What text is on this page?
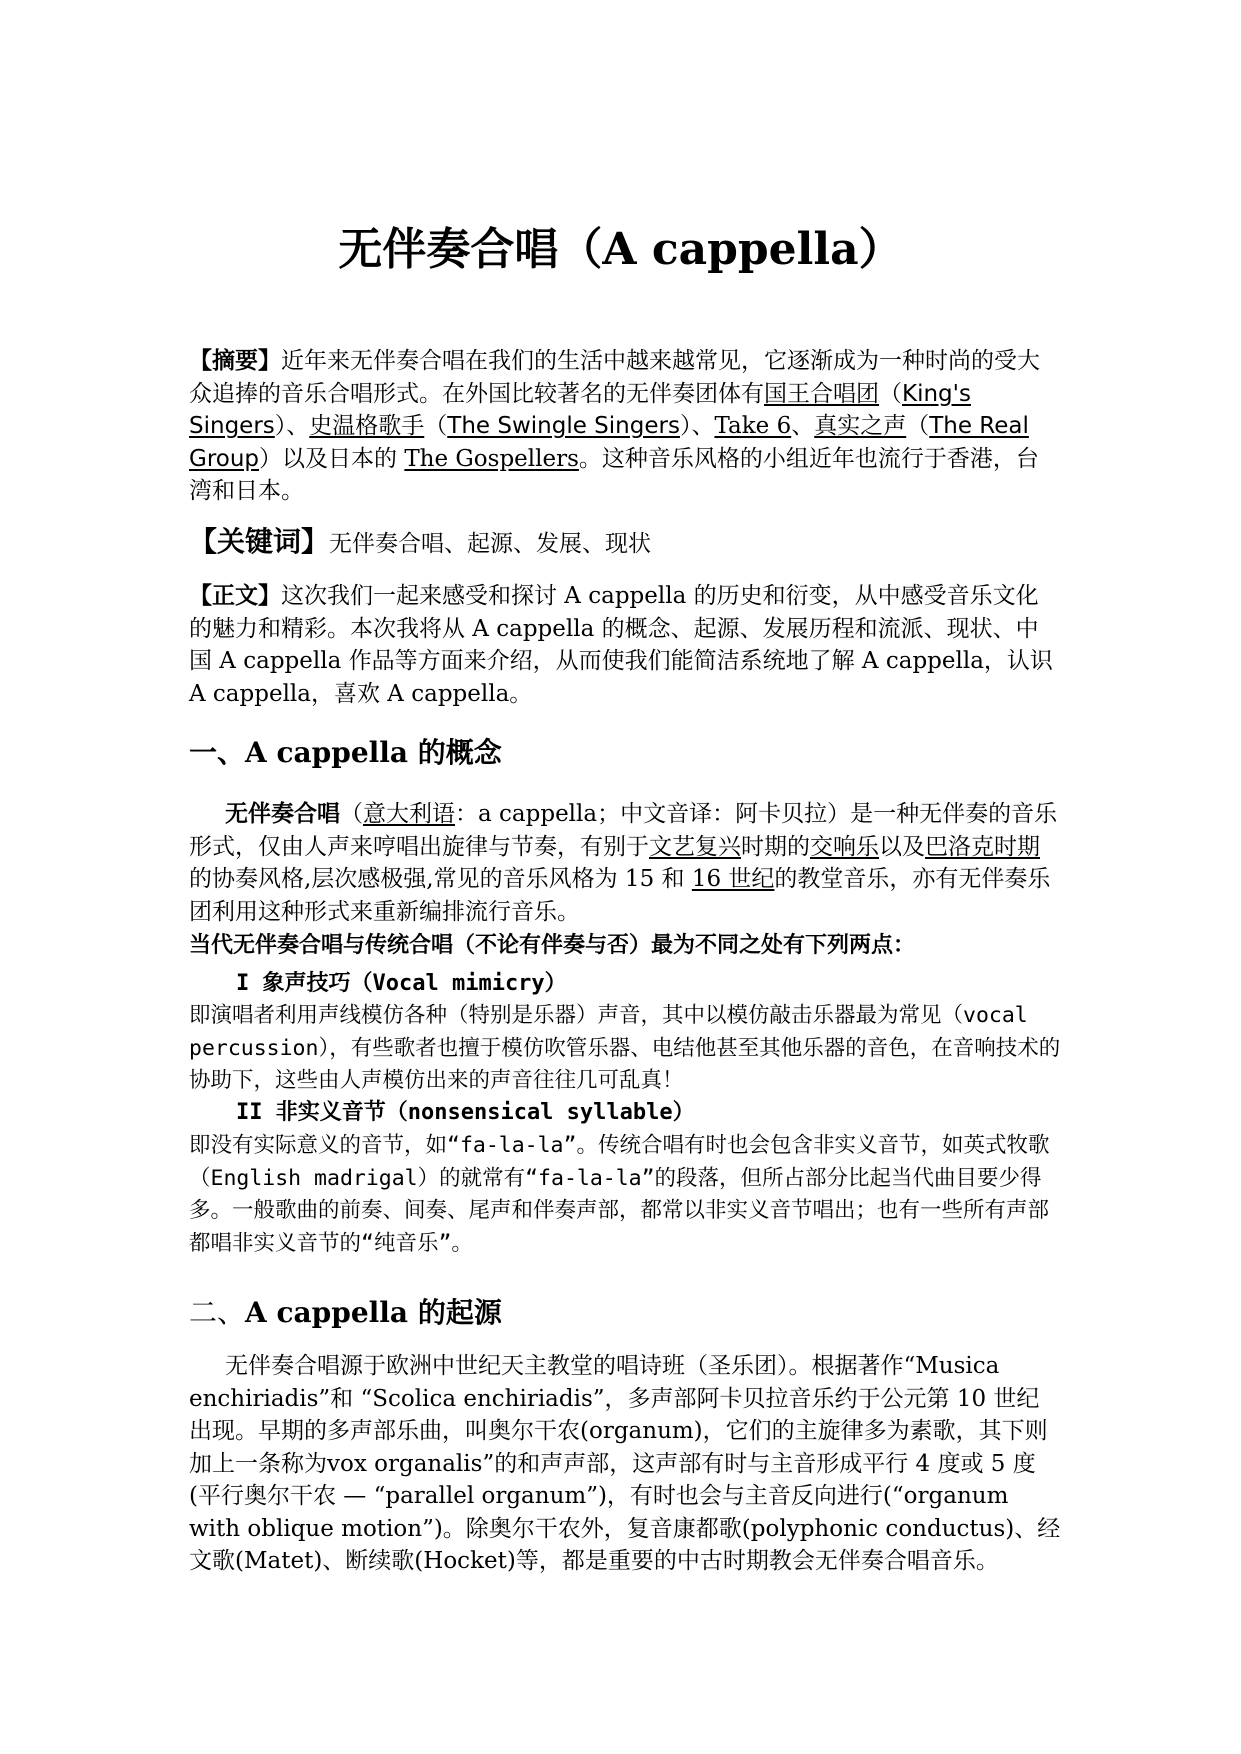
无伴奏合唱（A cappella）

【摘要】近年来无伴奏合唱在我们的生活中越来越常见，它逐渐成为一种时尚的受大众追捧的音乐合唱形式。在外国比较著名的无伴奏团体有国王合唱团（King's Singers）、史温格歌手（The Swingle Singers）、Take 6、真实之声（The Real Group）以及日本的 The Gospellers。这种音乐风格的小组近年也流行于香港，台湾和日本。

【关键词】无伴奏合唱、起源、发展、现状

【正文】这次我们一起来感受和探讨 A cappella 的历史和衍变，从中感受音乐文化的魅力和精彩。本次我将从 A cappella 的概念、起源、发展历程和流派、现状、中国 A cappella 作品等方面来介绍，从而使我们能简洁系统地了解 A cappella，认识 A cappella，喜欢 A cappella。

一、A cappella 的概念

无伴奏合唱（意大利语：a cappella；中文音译：阿卡贝拉）是一种无伴奏的音乐形式，仅由人声来哼唱出旋律与节奏，有别于文艺复兴时期的交响乐以及巴洛克时期的协奏风格,层次感极强,常见的音乐风格为 15 和 16 世纪的教堂音乐，亦有无伴奏乐团利用这种形式来重新编排流行音乐。

当代无伴奏合唱与传统合唱（不论有伴奏与否）最为不同之处有下列两点：

I 象声技巧（Vocal mimicry）

即演唱者利用声线模仿各种（特别是乐器）声音，其中以模仿敲击乐器最为常见（vocal percussion），有些歌者也擅于模仿吹管乐器、电结他甚至其他乐器的音色，在音响技术的协助下，这些由人声模仿出来的声音往往几可乱真！

II 非实义音节（nonsensical syllable）

即没有实际意义的音节，如“fa-la-la”。传统合唱有时也会包含非实义音节，如英式牧歌（English madrigal）的就常有“fa-la-la”的段落，但所占部分比起当代曲目要少得多。一般歌曲的前奏、间奏、尾声和伴奏声部，都常以非实义音节唱出；也有一些所有声部都唱非实义音节的“纯音乐”。

二、A cappella 的起源

无伴奏合唱源于欧洲中世纪天主教堂的唱诗班（圣乐团）。根据著作“Musica enchiriadis”和 “Scolica enchiriadis”，多声部阿卡贝拉音乐约于公元第 10 世纪出现。早期的多声部乐曲，叫奥尔干农(organum)，它们的主旋律多为素歌，其下则加上一条称为vox organalis”的和声声部，这声部有时与主音形成平行 4 度或 5 度(平行奥尔干农 — “parallel organum”)，有时也会与主音反向进行(“organum with oblique motion”)。除奥尔干农外，复音康都歌(polyphonic conductus)、经文歌(Matet)、断续歌(Hocket)等，都是重要的中古时期教会无伴奏合唱音乐。
